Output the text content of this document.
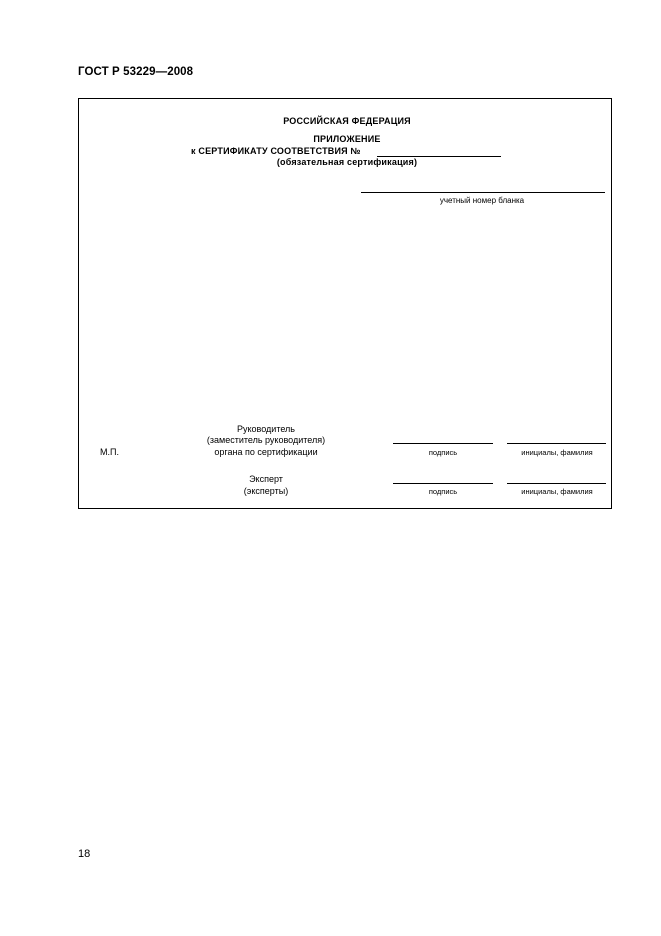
ГОСТ Р 53229—2008
РОССИЙСКАЯ ФЕДЕРАЦИЯ
ПРИЛОЖЕНИЕ
к СЕРТИФИКАТУ СООТВЕТСТВИЯ №
(обязательная сертификация)
учетный номер бланка
Руководитель
(заместитель руководителя)
органа по сертификации
М.П.	подпись	инициалы, фамилия
Эксперт
(эксперты)	подпись	инициалы, фамилия
18
